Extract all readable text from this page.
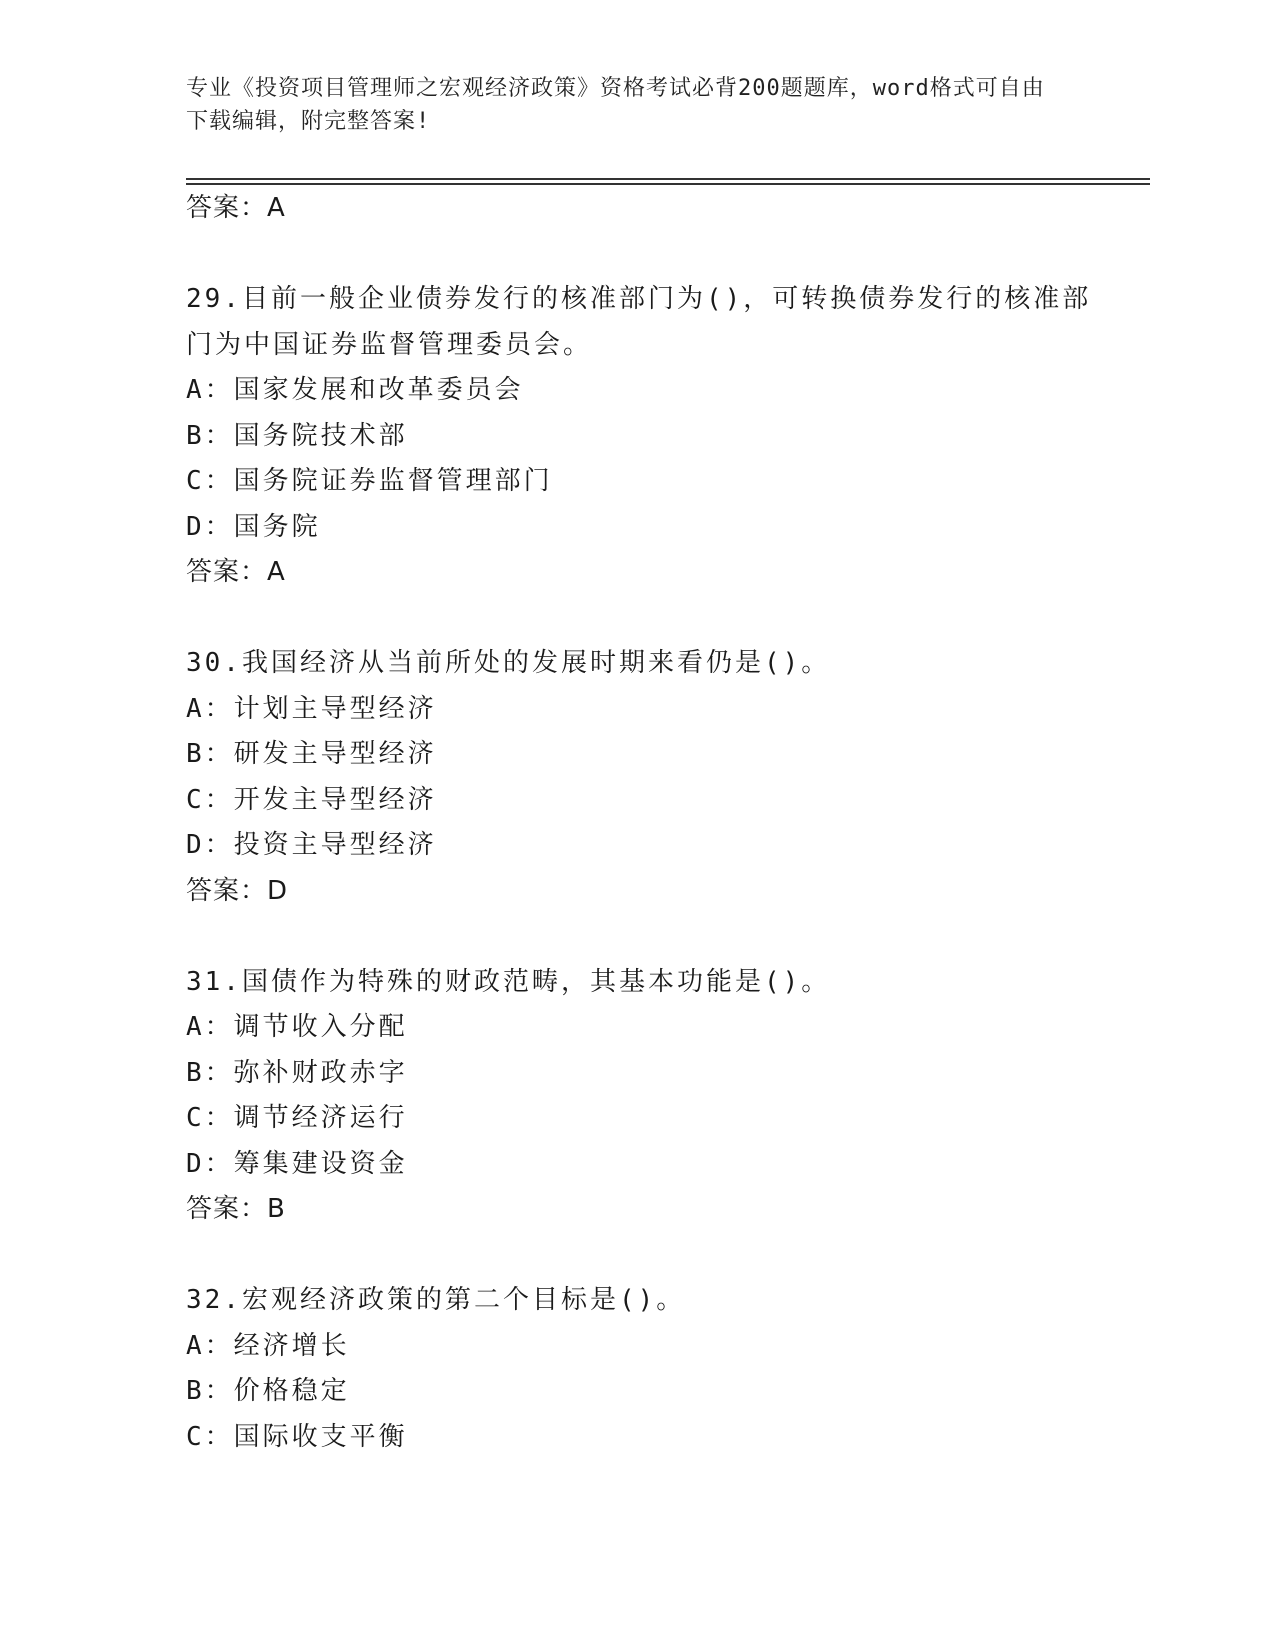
专业《投资项目管理师之宏观经济政策》资格考试必背200题题库，word格式可自由下载编辑，附完整答案!
答案：A
29.目前一般企业债券发行的核准部门为()，可转换债券发行的核准部门为中国证券监督管理委员会。
A：国家发展和改革委员会
B：国务院技术部
C：国务院证券监督管理部门
D：国务院
答案：A
30.我国经济从当前所处的发展时期来看仍是()。
A：计划主导型经济
B：研发主导型经济
C：开发主导型经济
D：投资主导型经济
答案：D
31.国债作为特殊的财政范畴，其基本功能是()。
A：调节收入分配
B：弥补财政赤字
C：调节经济运行
D：筹集建设资金
答案：B
32.宏观经济政策的第二个目标是()。
A：经济增长
B：价格稳定
C：国际收支平衡
